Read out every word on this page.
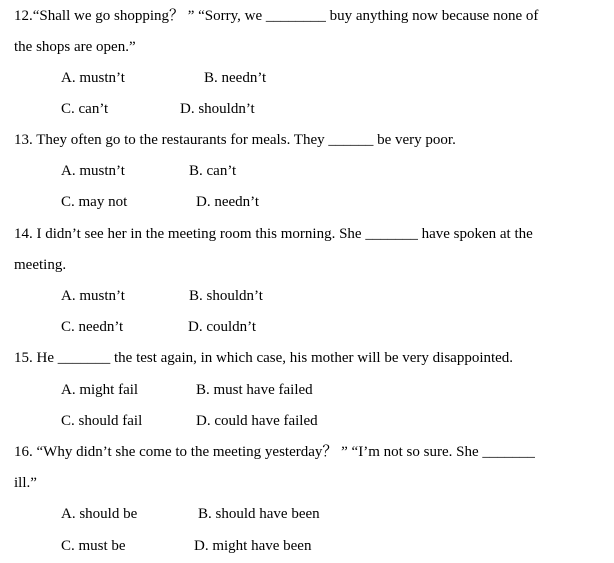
12.“Shall we go shopping？ ” “Sorry, we ________ buy anything now because none of
the shops are open.”
A. mustn’t	B. needn’t
C. can’t	D. shouldn’t
13. They often go to the restaurants for meals. They ______ be very poor.
A. mustn’t	B. can’t
C. may not	D. needn’t
14. I didn’t see her in the meeting room this morning. She _______ have spoken at the
meeting.
A. mustn’t	B. shouldn’t
C. needn’t	D. couldn’t
15. He _______ the test again, in which case, his mother will be very disappointed.
A. might fail	B. must have failed
C. should fail	D. could have failed
16. “Why didn’t she come to the meeting yesterday？ ” “I’m not so sure. She _______
ill.”
A. should be	B. should have been
C. must be	D. might have been
